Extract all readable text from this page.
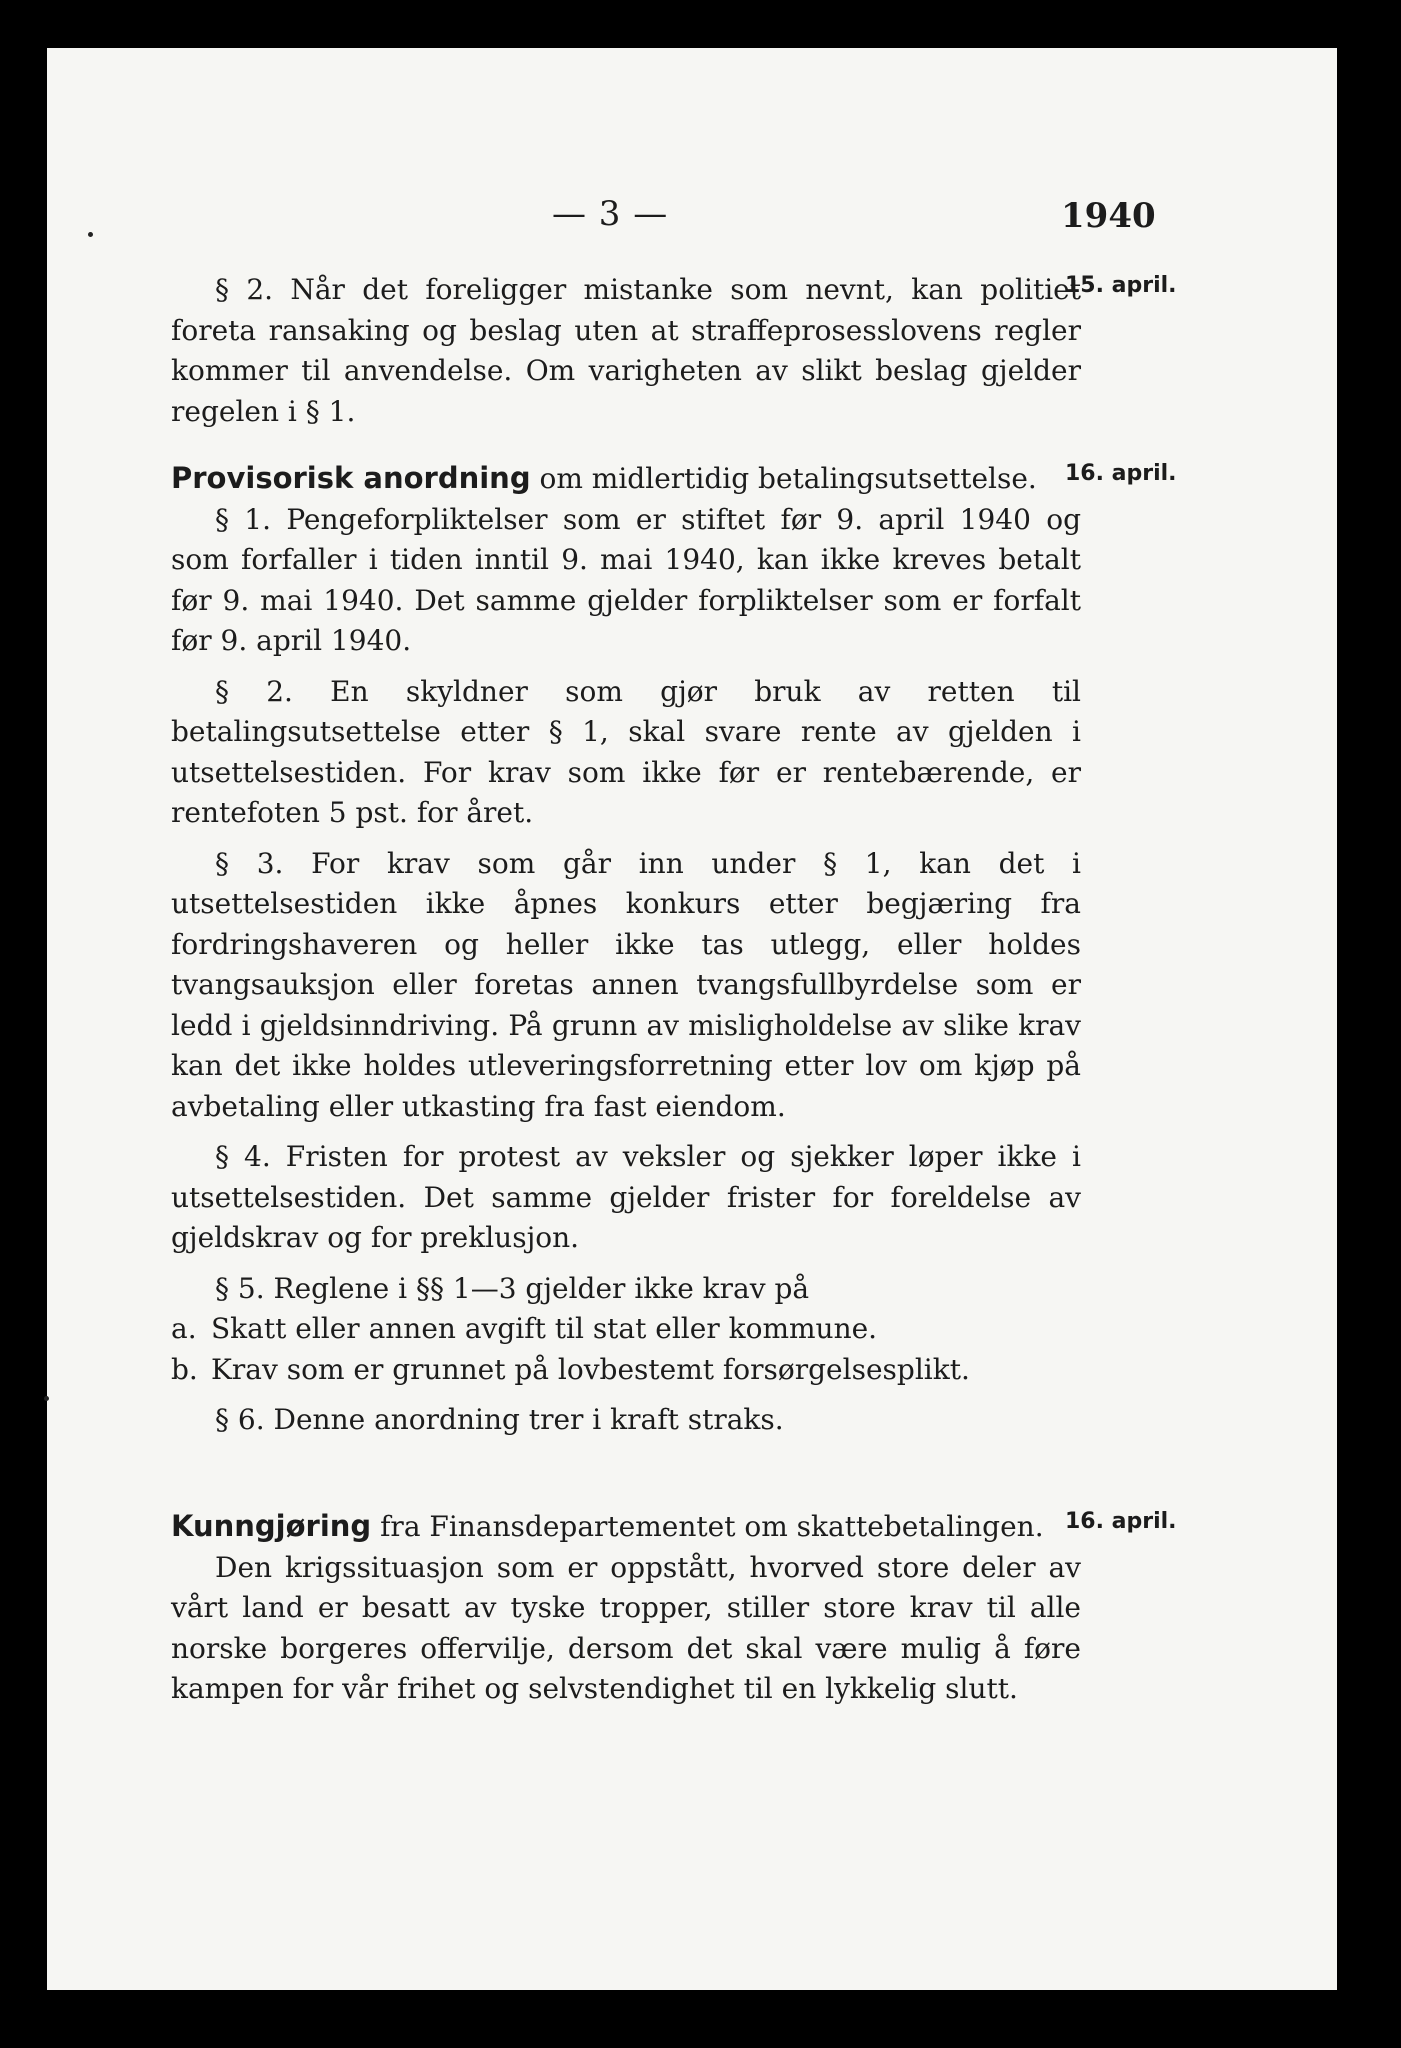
— 3 —	1940
15. april.

§ 2. Når det foreligger mistanke som nevnt, kan politiet foreta ransaking og beslag uten at straffeprosesslovens regler kommer til anvendelse. Om varigheten av slikt beslag gjelder regelen i § 1.

16. april.

Provisorisk anordning om midlertidig betalingsutsettelse.

§ 1. Pengeforpliktelser som er stiftet før 9. april 1940 og som forfaller i tiden inntil 9. mai 1940, kan ikke kreves betalt før 9. mai 1940. Det samme gjelder forpliktelser som er forfalt før 9. april 1940.

§ 2. En skyldner som gjør bruk av retten til betalingsutsettelse etter § 1, skal svare rente av gjelden i utsettelsestiden. For krav som ikke før er rentebærende, er rentefoten 5 pst. for året.

§ 3. For krav som går inn under § 1, kan det i utsettelsestiden ikke åpnes konkurs etter begjæring fra fordringshaveren og heller ikke tas utlegg, eller holdes tvangsauksjon eller foretas annen tvangsfullbyrdelse som er ledd i gjeldsinndriving. På grunn av misligholdelse av slike krav kan det ikke holdes utleveringsforretning etter lov om kjøp på avbetaling eller utkasting fra fast eiendom.

§ 4. Fristen for protest av veksler og sjekker løper ikke i utsettelsestiden. Det samme gjelder frister for foreldelse av gjeldskrav og for preklusjon.

§ 5. Reglene i §§ 1—3 gjelder ikke krav på

a. Skatt eller annen avgift til stat eller kommune.

b. Krav som er grunnet på lovbestemt forsørgelsesplikt.

§ 6. Denne anordning trer i kraft straks.

16. april.

Kunngjøring fra Finansdepartementet om skattebetalingen.

Den krigssituasjon som er oppstått, hvorved store deler av vårt land er besatt av tyske tropper, stiller store krav til alle norske borgeres offervilje, dersom det skal være mulig å føre kampen for vår frihet og selvstendighet til en lykkelig slutt.
